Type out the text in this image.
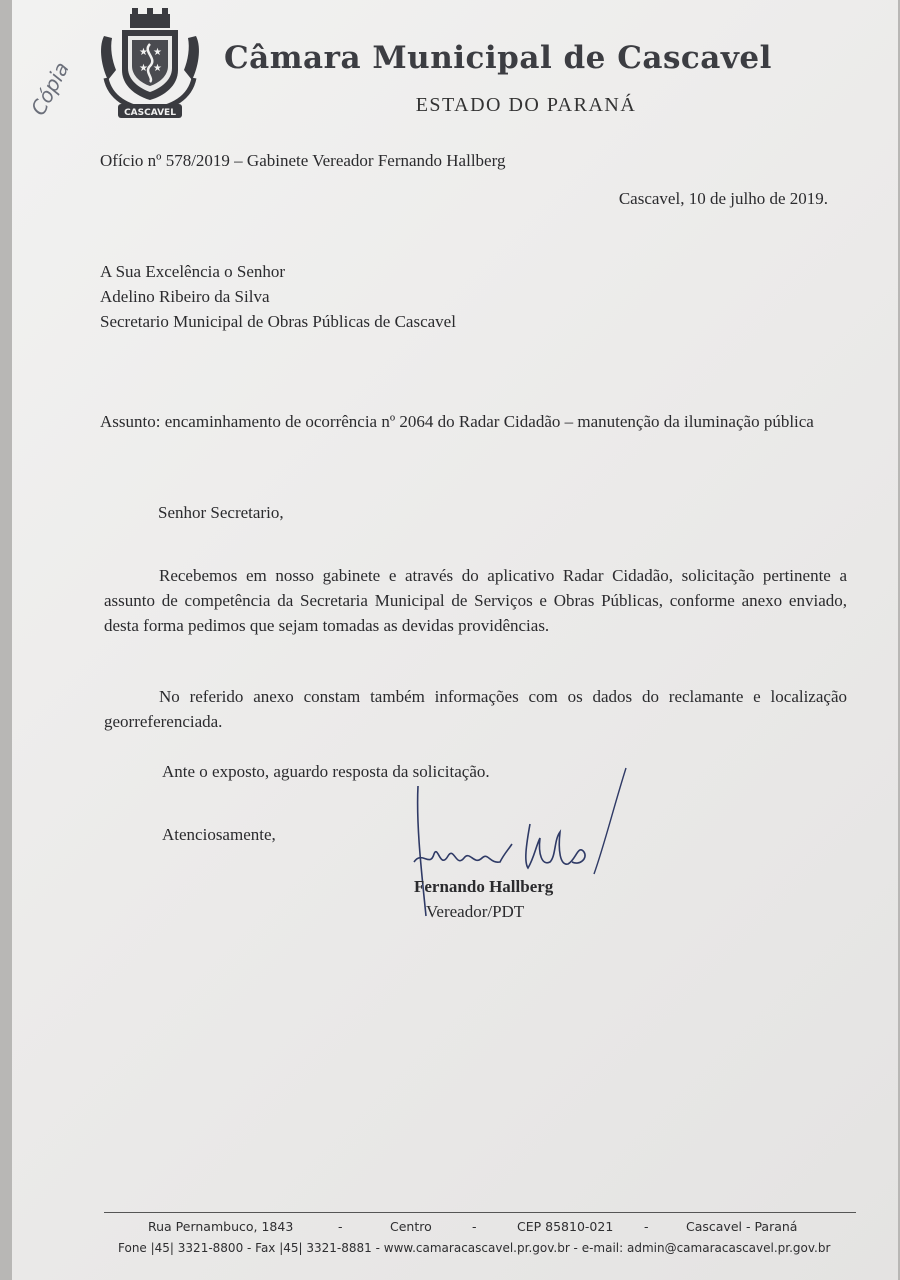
★ ★
★ ★
CASCAVEL
Câmara Municipal de Cascavel
ESTADO DO PARANÁ
Cópia
Ofício nº 578/2019 – Gabinete Vereador Fernando Hallberg
Cascavel, 10 de julho de 2019.
A Sua Excelência o Senhor
Adelino Ribeiro da Silva
Secretario Municipal de Obras Públicas de Cascavel
Assunto: encaminhamento de ocorrência nº 2064 do Radar Cidadão – manutenção da iluminação pública
Senhor Secretario,
Recebemos em nosso gabinete e através do aplicativo Radar Cidadão, solicitação pertinente a assunto de competência da Secretaria Municipal de Serviços e Obras Públicas, conforme anexo enviado, desta forma pedimos que sejam tomadas as devidas providências.
No referido anexo constam também informações com os dados do reclamante e localização georreferenciada.
Ante o exposto, aguardo resposta da solicitação.
Atenciosamente,
Fernando Hallberg
Vereador/PDT
Rua Pernambuco, 1843	-	Centro	-	CEP 85810-021 -	Cascavel - Paraná
Fone |45| 3321-8800 - Fax |45| 3321-8881 - www.camaracascavel.pr.gov.br - e-mail: admin@camaracascavel.pr.gov.br
